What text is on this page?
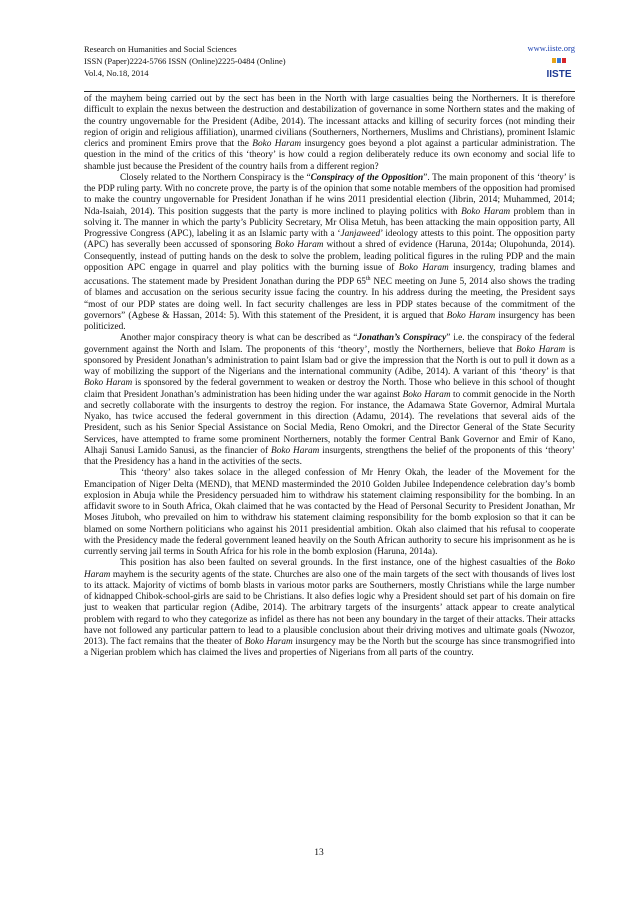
Research on Humanities and Social Sciences
ISSN (Paper)2224-5766 ISSN (Online)2225-0484 (Online)
Vol.4, No.18, 2014
www.iiste.org
IISTE

of the mayhem being carried out by the sect has been in the North with large casualties being the Northerners. It is therefore difficult to explain the nexus between the destruction and destabilization of governance in some Northern states and the making of the country ungovernable for the President (Adibe, 2014). The incessant attacks and killing of security forces (not minding their region of origin and religious affiliation), unarmed civilians (Southerners, Northerners, Muslims and Christians), prominent Islamic clerics and prominent Emirs prove that the Boko Haram insurgency goes beyond a plot against a particular administration. The question in the mind of the critics of this ‘theory’ is how could a region deliberately reduce its own economy and social life to shamble just because the President of the country hails from a different region?

Closely related to the Northern Conspiracy is the “Conspiracy of the Opposition”. The main proponent of this ‘theory’ is the PDP ruling party. With no concrete prove, the party is of the opinion that some notable members of the opposition had promised to make the country ungovernable for President Jonathan if he wins 2011 presidential election (Jibrin, 2014; Muhammed, 2014; Nda-Isaiah, 2014). This position suggests that the party is more inclined to playing politics with Boko Haram problem than in solving it. The manner in which the party’s Publicity Secretary, Mr Olisa Metuh, has been attacking the main opposition party, All Progressive Congress (APC), labeling it as an Islamic party with a ‘Janjaweed’ ideology attests to this point. The opposition party (APC) has severally been accussed of sponsoring Boko Haram without a shred of evidence (Haruna, 2014a; Olupohunda, 2014). Consequently, instead of putting hands on the desk to solve the problem, leading political figures in the ruling PDP and the main opposition APC engage in quarrel and play politics with the burning issue of Boko Haram insurgency, trading blames and accusations. The statement made by President Jonathan during the PDP 65th NEC meeting on June 5, 2014 also shows the trading of blames and accusation on the serious security issue facing the country. In his address during the meeting, the President says “most of our PDP states are doing well. In fact security challenges are less in PDP states because of the commitment of the governors” (Agbese & Hassan, 2014: 5). With this statement of the President, it is argued that Boko Haram insurgency has been politicized.

Another major conspiracy theory is what can be described as “Jonathan’s Conspiracy” i.e. the conspiracy of the federal government against the North and Islam. The proponents of this ‘theory’, mostly the Northerners, believe that Boko Haram is sponsored by President Jonathan’s administration to paint Islam bad or give the impression that the North is out to pull it down as a way of mobilizing the support of the Nigerians and the international community (Adibe, 2014). A variant of this ‘theory’ is that Boko Haram is sponsored by the federal government to weaken or destroy the North. Those who believe in this school of thought claim that President Jonathan’s administration has been hiding under the war against Boko Haram to commit genocide in the North and secretly collaborate with the insurgents to destroy the region. For instance, the Adamawa State Governor, Admiral Murtala Nyako, has twice accused the federal government in this direction (Adamu, 2014). The revelations that several aids of the President, such as his Senior Special Assistance on Social Media, Reno Omokri, and the Director General of the State Security Services, have attempted to frame some prominent Northerners, notably the former Central Bank Governor and Emir of Kano, Alhaji Sanusi Lamido Sanusi, as the financier of Boko Haram insurgents, strengthens the belief of the proponents of this ‘theory’ that the Presidency has a hand in the activities of the sects.

This ‘theory’ also takes solace in the alleged confession of Mr Henry Okah, the leader of the Movement for the Emancipation of Niger Delta (MEND), that MEND masterminded the 2010 Golden Jubilee Independence celebration day’s bomb explosion in Abuja while the Presidency persuaded him to withdraw his statement claiming responsibility for the bombing. In an affidavit swore to in South Africa, Okah claimed that he was contacted by the Head of Personal Security to President Jonathan, Mr Moses Jituboh, who prevailed on him to withdraw his statement claiming responsibility for the bomb explosion so that it can be blamed on some Northern politicians who against his 2011 presidential ambition. Okah also claimed that his refusal to cooperate with the Presidency made the federal government leaned heavily on the South African authority to secure his imprisonment as he is currently serving jail terms in South Africa for his role in the bomb explosion (Haruna, 2014a).

This position has also been faulted on several grounds. In the first instance, one of the highest casualties of the Boko Haram mayhem is the security agents of the state. Churches are also one of the main targets of the sect with thousands of lives lost to its attack. Majority of victims of bomb blasts in various motor parks are Southerners, mostly Christians while the large number of kidnapped Chibok-school-girls are said to be Christians. It also defies logic why a President should set part of his domain on fire just to weaken that particular region (Adibe, 2014). The arbitrary targets of the insurgents’ attack appear to create analytical problem with regard to who they categorize as infidel as there has not been any boundary in the target of their attacks. Their attacks have not followed any particular pattern to lead to a plausible conclusion about their driving motives and ultimate goals (Nwozor, 2013). The fact remains that the theater of Boko Haram insurgency may be the North but the scourge has since transmogrified into a Nigerian problem which has claimed the lives and properties of Nigerians from all parts of the country.

13
